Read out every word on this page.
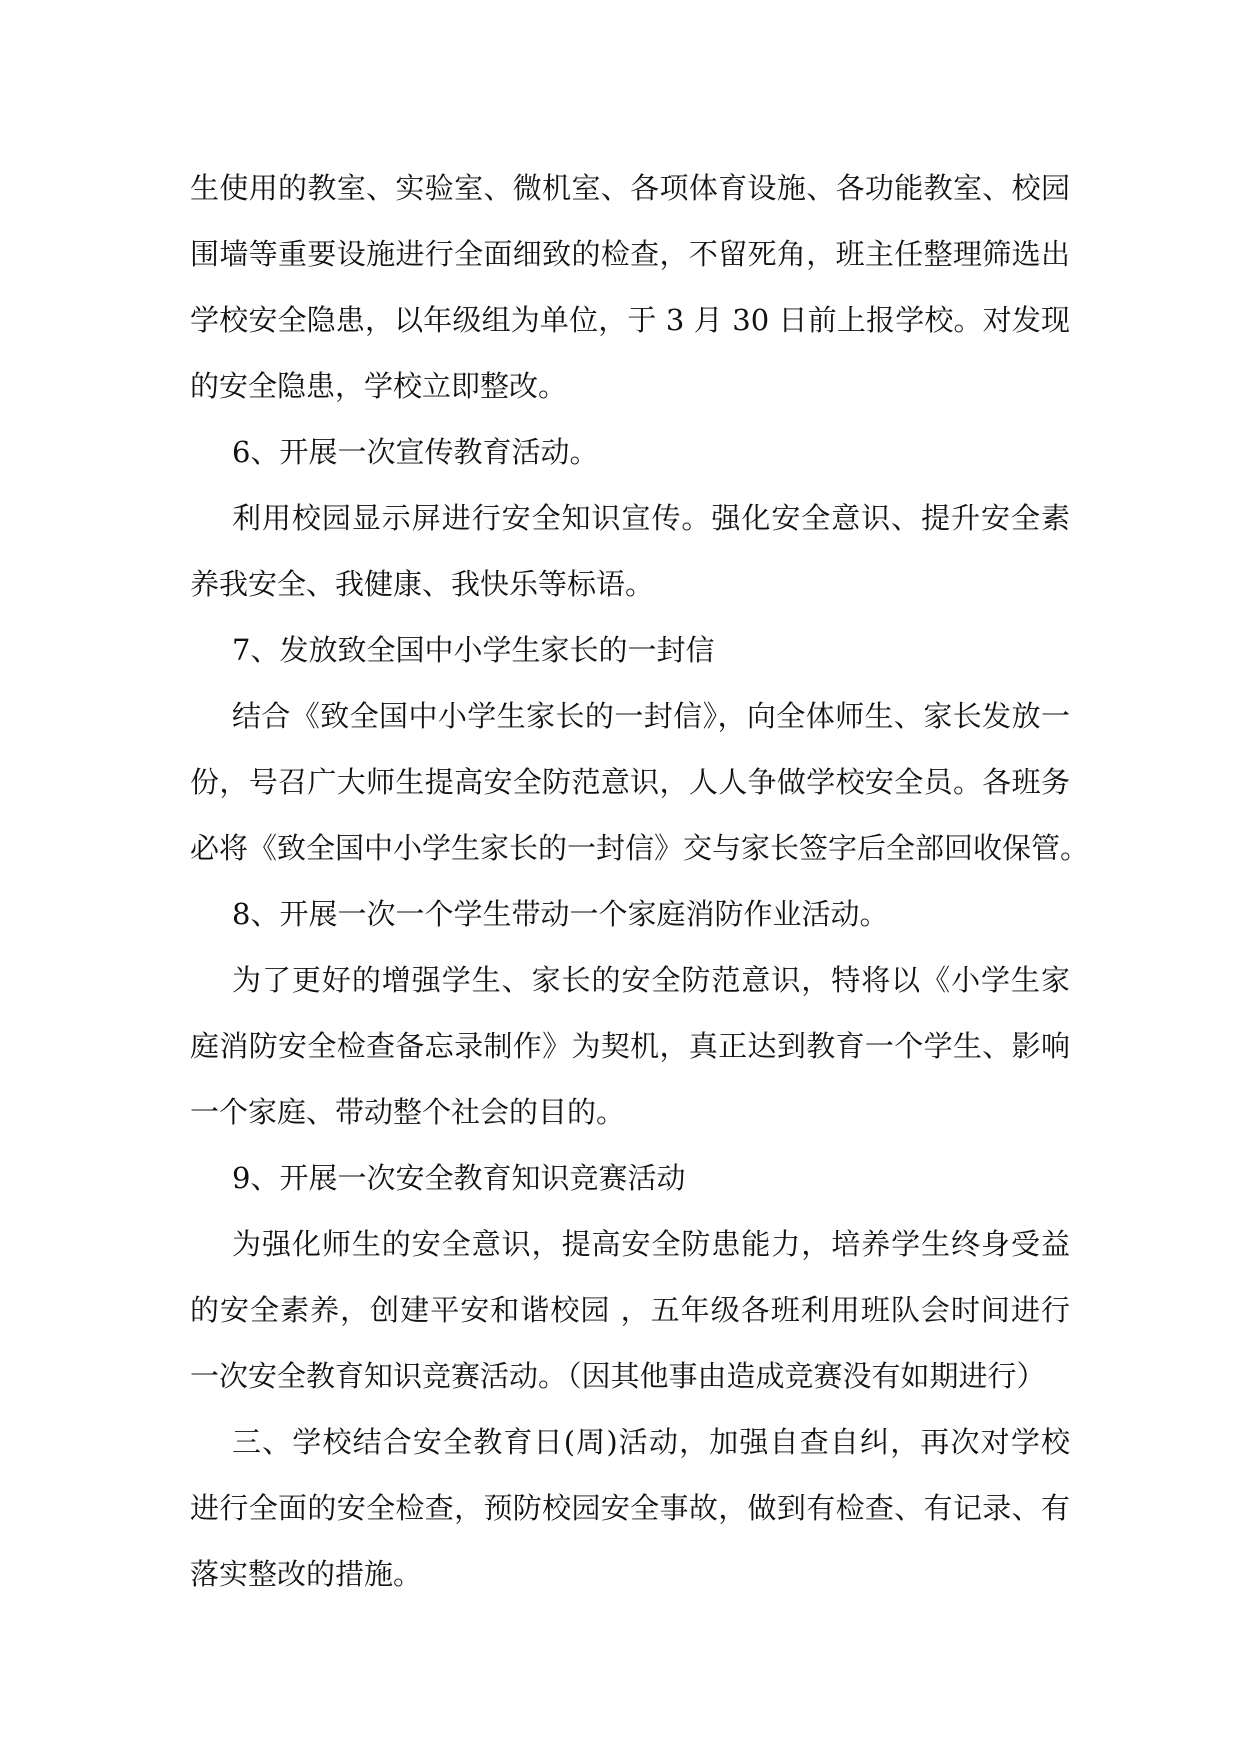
生使用的教室、实验室、微机室、各项体育设施、各功能教室、校园
围墙等重要设施进行全面细致的检查，不留死角，班主任整理筛选出
学校安全隐患，以年级组为单位，于 3 月 30 日前上报学校。对发现
的安全隐患，学校立即整改。
6、开展一次宣传教育活动。
利用校园显示屏进行安全知识宣传。强化安全意识、提升安全素
养我安全、我健康、我快乐等标语。
7、发放致全国中小学生家长的一封信
结合《致全国中小学生家长的一封信》，向全体师生、家长发放一
份，号召广大师生提高安全防范意识，人人争做学校安全员。各班务
必将《致全国中小学生家长的一封信》交与家长签字后全部回收保管。
8、开展一次一个学生带动一个家庭消防作业活动。
为了更好的增强学生、家长的安全防范意识，特将以《小学生家
庭消防安全检查备忘录制作》为契机，真正达到教育一个学生、影响
一个家庭、带动整个社会的目的。
9、开展一次安全教育知识竞赛活动
为强化师生的安全意识，提高安全防患能力，培养学生终身受益
的安全素养，创建平安和谐校园 ，五年级各班利用班队会时间进行
一次安全教育知识竞赛活动。（因其他事由造成竞赛没有如期进行）
三、学校结合安全教育日(周)活动，加强自查自纠，再次对学校
进行全面的安全检查，预防校园安全事故，做到有检查、有记录、有
落实整改的措施。
